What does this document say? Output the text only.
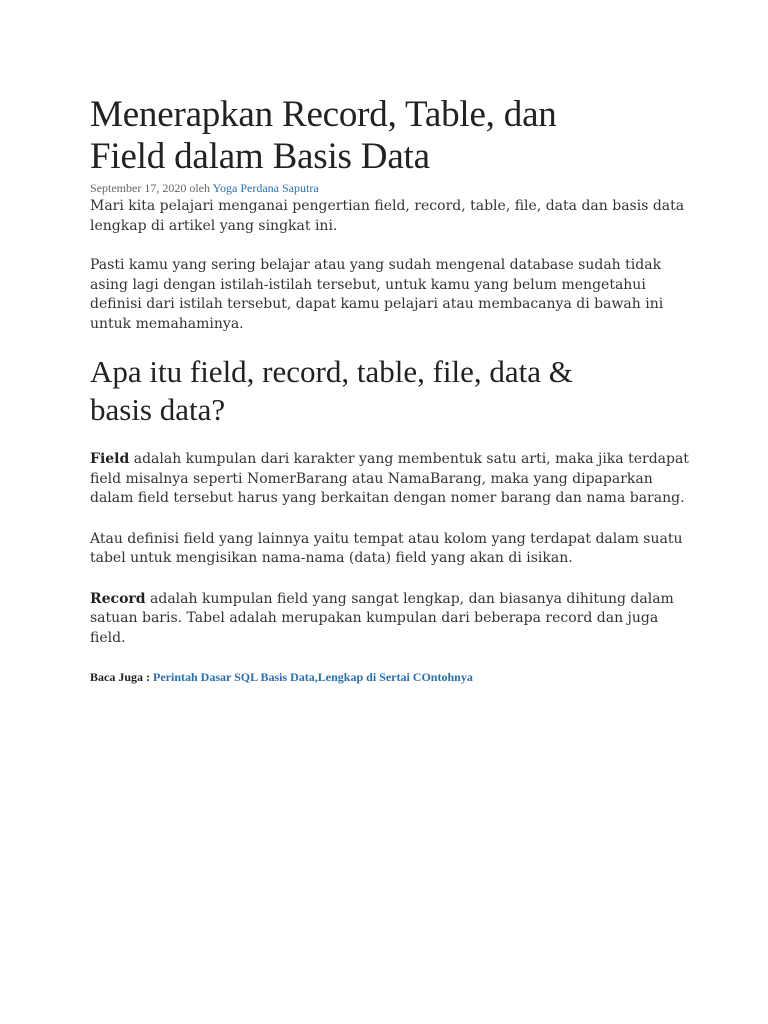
Menerapkan Record, Table, dan
Field dalam Basis Data
September 17, 2020 oleh Yoga Perdana Saputra

Mari kita pelajari menganai pengertian field, record, table, file, data dan basis data lengkap di artikel yang singkat ini.

Pasti kamu yang sering belajar atau yang sudah mengenal database sudah tidak asing lagi dengan istilah-istilah tersebut, untuk kamu yang belum mengetahui definisi dari istilah tersebut, dapat kamu pelajari atau membacanya di bawah ini untuk memahaminya.

Apa itu field, record, table, file, data &
basis data?

Field adalah kumpulan dari karakter yang membentuk satu arti, maka jika terdapat field misalnya seperti NomerBarang atau NamaBarang, maka yang dipaparkan dalam field tersebut harus yang berkaitan dengan nomer barang dan nama barang.

Atau definisi field yang lainnya yaitu tempat atau kolom yang terdapat dalam suatu tabel untuk mengisikan nama-nama (data) field yang akan di isikan.

Record adalah kumpulan field yang sangat lengkap, dan biasanya dihitung dalam satuan baris. Tabel adalah merupakan kumpulan dari beberapa record dan juga field.

Baca Juga : Perintah Dasar SQL Basis Data,Lengkap di Sertai COntohnya
